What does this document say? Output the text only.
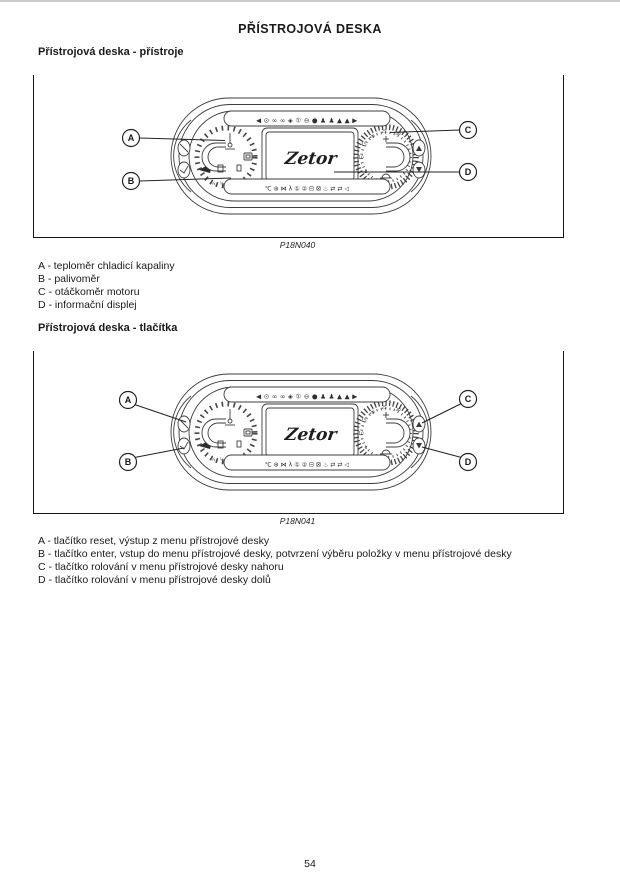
PŘÍSTROJOVÁ DESKA
Přístrojová deska - přístroje
A
B
C
D
P18N040
A - teploměr chladicí kapaliny
B - palivoměr
C - otáčkoměr motoru
D - informační displej
Přístrojová deska - tlačítka
A
B
C
D
P18N041
A - tlačítko reset, výstup z menu přístrojové desky
B - tlačítko enter, vstup do menu přístrojové desky, potvrzení výběru položky v menu přístrojové desky
C - tlačítko rolování v menu přístrojové desky nahoru
D - tlačítko rolování v menu přístrojové desky dolů
54
